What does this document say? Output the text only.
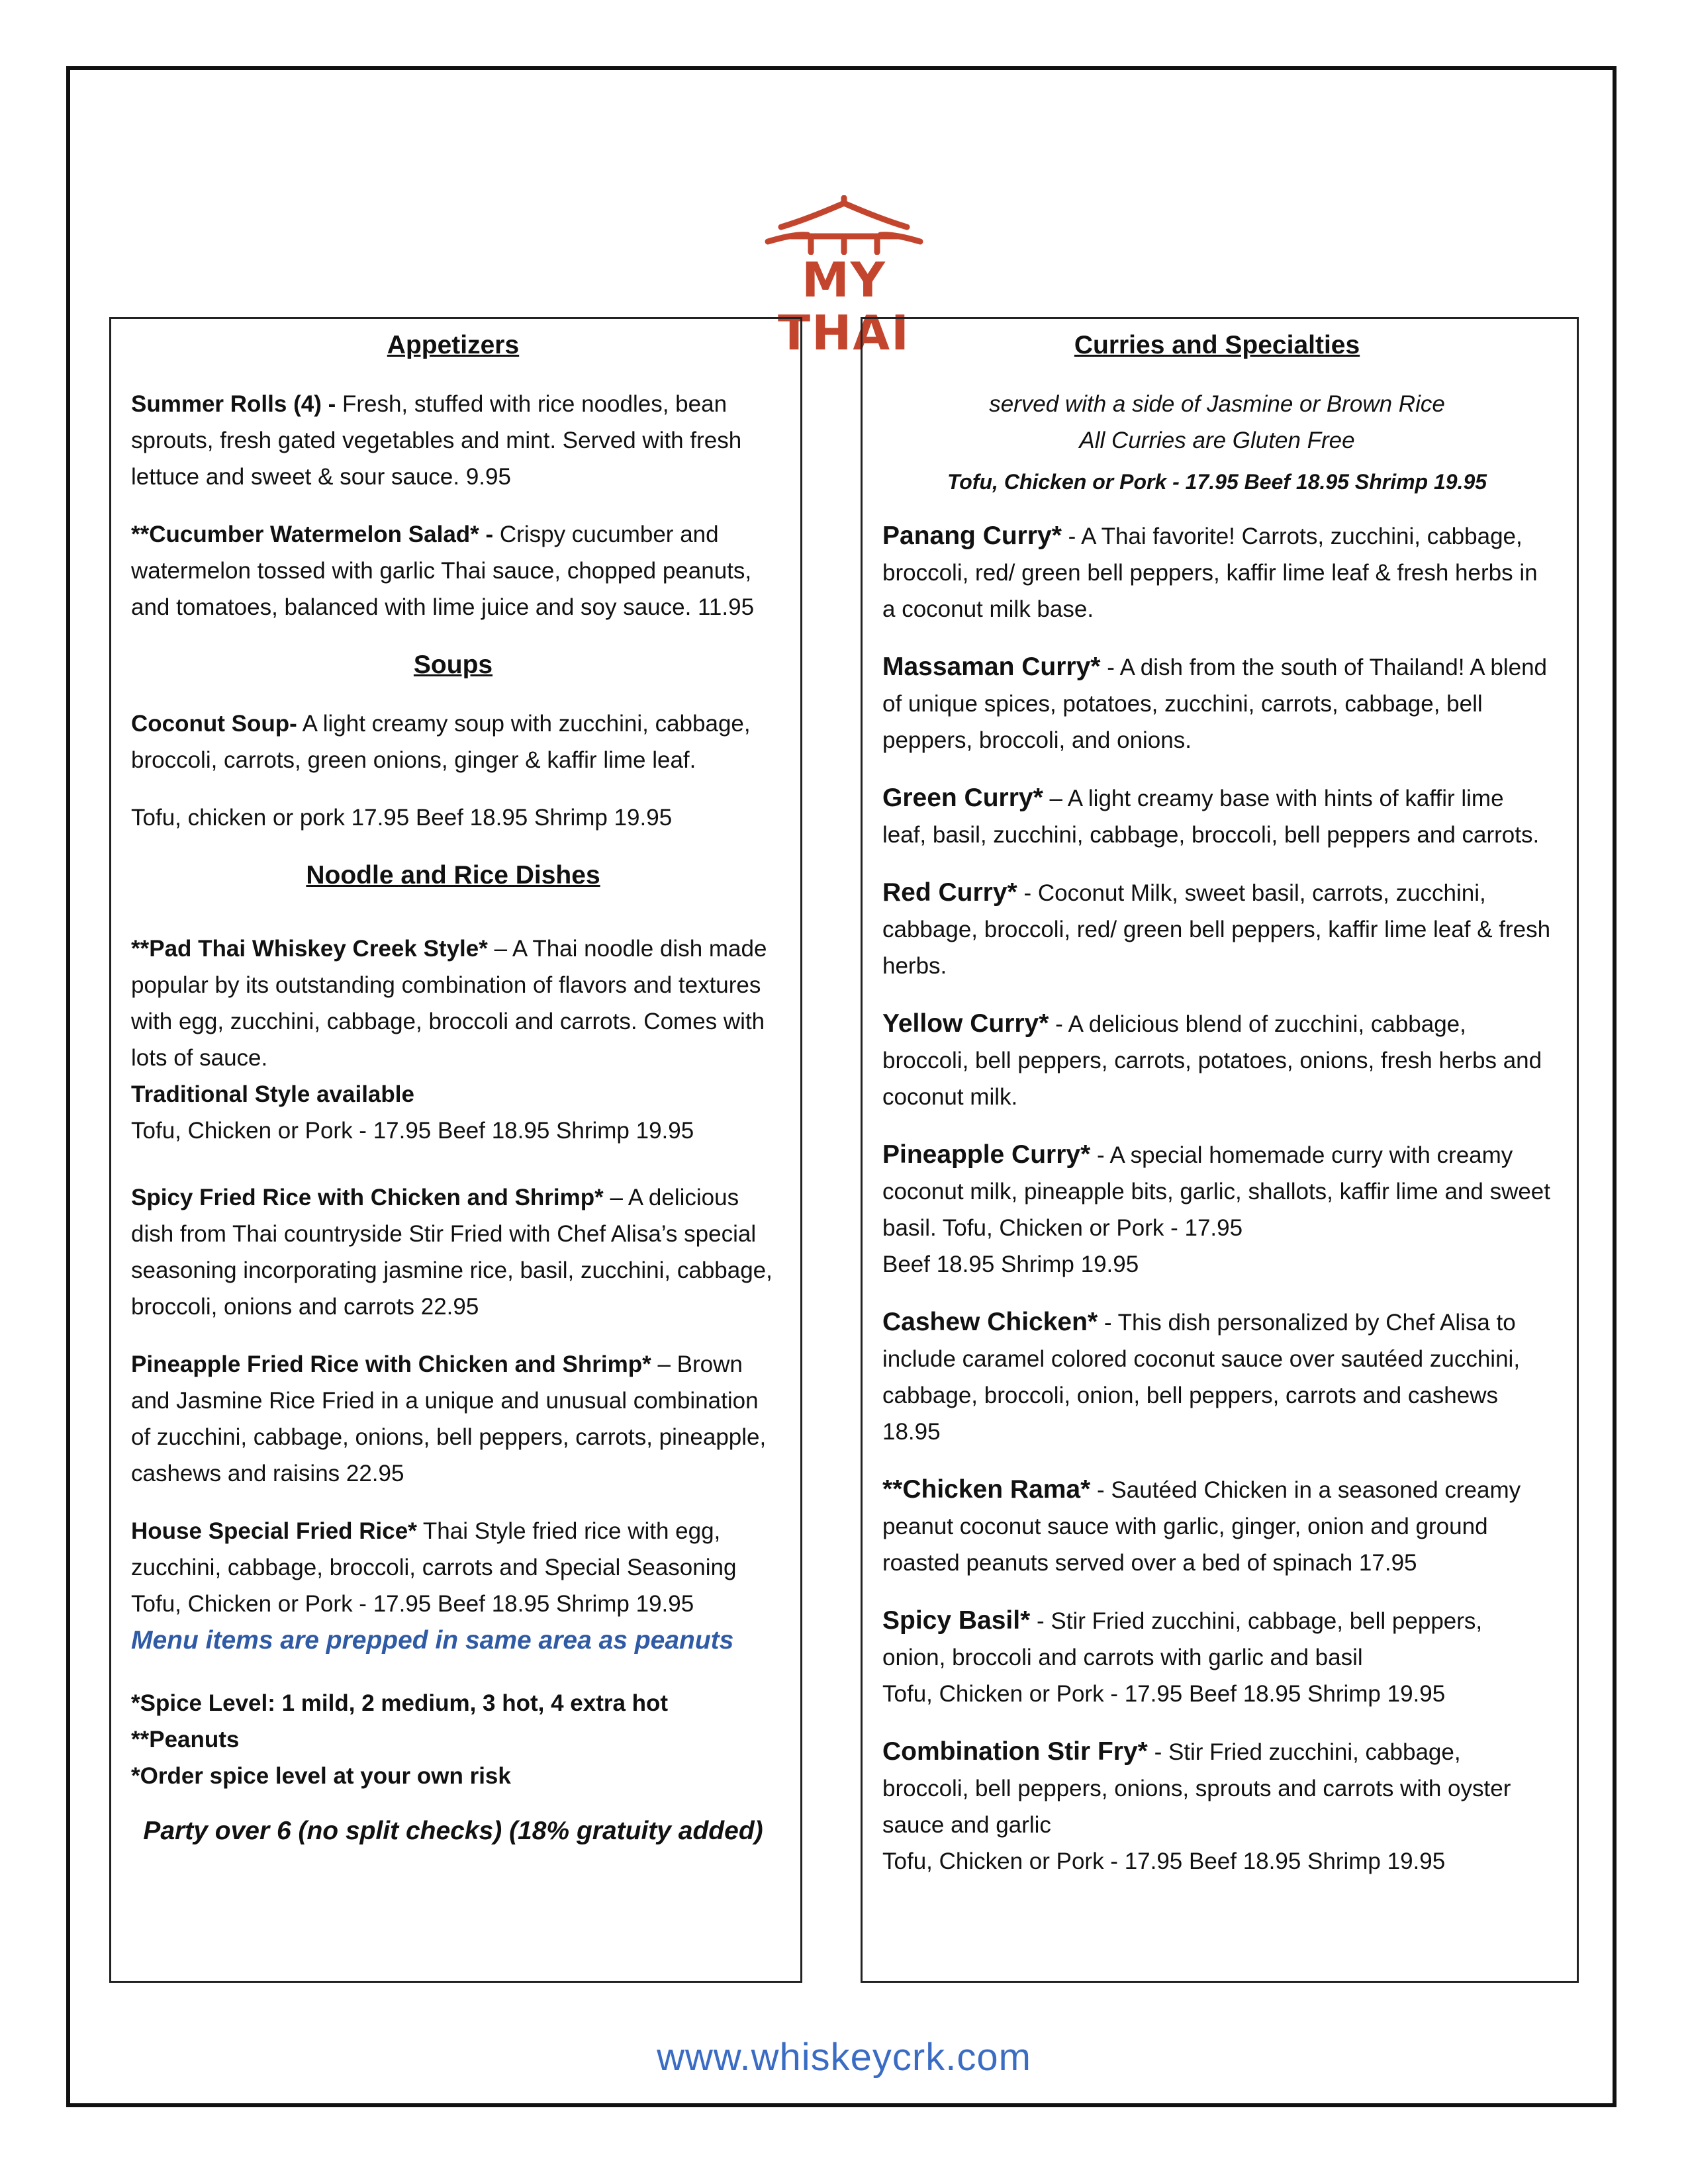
MY THAI
Appetizers
Summer Rolls (4) - Fresh, stuffed with rice noodles, bean sprouts, fresh gated vegetables and mint. Served with fresh lettuce and sweet & sour sauce. 9.95
**Cucumber Watermelon Salad* - Crispy cucumber and watermelon tossed with garlic Thai sauce, chopped peanuts, and tomatoes, balanced with lime juice and soy sauce. 11.95
Soups
Coconut Soup- A light creamy soup with zucchini, cabbage, broccoli, carrots, green onions, ginger & kaffir lime leaf.
Tofu, chicken or pork 17.95 Beef 18.95 Shrimp 19.95
Noodle and Rice Dishes
**Pad Thai Whiskey Creek Style* – A Thai noodle dish made popular by its outstanding combination of flavors and textures with egg, zucchini, cabbage, broccoli and carrots. Comes with lots of sauce.
Traditional Style available
Tofu, Chicken or Pork - 17.95 Beef 18.95 Shrimp 19.95
Spicy Fried Rice with Chicken and Shrimp* – A delicious dish from Thai countryside Stir Fried with Chef Alisa’s special seasoning incorporating jasmine rice, basil, zucchini, cabbage, broccoli, onions and carrots 22.95
Pineapple Fried Rice with Chicken and Shrimp* – Brown and Jasmine Rice Fried in a unique and unusual combination of zucchini, cabbage, onions, bell peppers, carrots, pineapple, cashews and raisins 22.95
House Special Fried Rice* Thai Style fried rice with egg, zucchini, cabbage, broccoli, carrots and Special Seasoning
Tofu, Chicken or Pork - 17.95 Beef 18.95 Shrimp 19.95
Menu items are prepped in same area as peanuts
*Spice Level: 1 mild, 2 medium, 3 hot, 4 extra hot
**Peanuts
*Order spice level at your own risk
Party over 6 (no split checks) (18% gratuity added)
Curries and Specialties
served with a side of Jasmine or Brown Rice
All Curries are Gluten Free
Tofu, Chicken or Pork - 17.95 Beef 18.95 Shrimp 19.95
Panang Curry* - A Thai favorite! Carrots, zucchini, cabbage, broccoli, red/ green bell peppers, kaffir lime leaf & fresh herbs in a coconut milk base.
Massaman Curry* - A dish from the south of Thailand! A blend of unique spices, potatoes, zucchini, carrots, cabbage, bell peppers, broccoli, and onions.
Green Curry* – A light creamy base with hints of kaffir lime leaf, basil, zucchini, cabbage, broccoli, bell peppers and carrots.
Red Curry* - Coconut Milk, sweet basil, carrots, zucchini, cabbage, broccoli, red/ green bell peppers, kaffir lime leaf & fresh herbs.
Yellow Curry* - A delicious blend of zucchini, cabbage, broccoli, bell peppers, carrots, potatoes, onions, fresh herbs and coconut milk.
Pineapple Curry* - A special homemade curry with creamy coconut milk, pineapple bits, garlic, shallots, kaffir lime and sweet basil. Tofu, Chicken or Pork - 17.95
Beef 18.95 Shrimp 19.95
Cashew Chicken* - This dish personalized by Chef Alisa to include caramel colored coconut sauce over sautéed zucchini, cabbage, broccoli, onion, bell peppers, carrots and cashews 18.95
**Chicken Rama* - Sautéed Chicken in a seasoned creamy peanut coconut sauce with garlic, ginger, onion and ground roasted peanuts served over a bed of spinach 17.95
Spicy Basil* - Stir Fried zucchini, cabbage, bell peppers, onion, broccoli and carrots with garlic and basil
Tofu, Chicken or Pork - 17.95 Beef 18.95 Shrimp 19.95
Combination Stir Fry* - Stir Fried zucchini, cabbage, broccoli, bell peppers, onions, sprouts and carrots with oyster sauce and garlic
Tofu, Chicken or Pork - 17.95 Beef 18.95 Shrimp 19.95
www.whiskeycrk.com
